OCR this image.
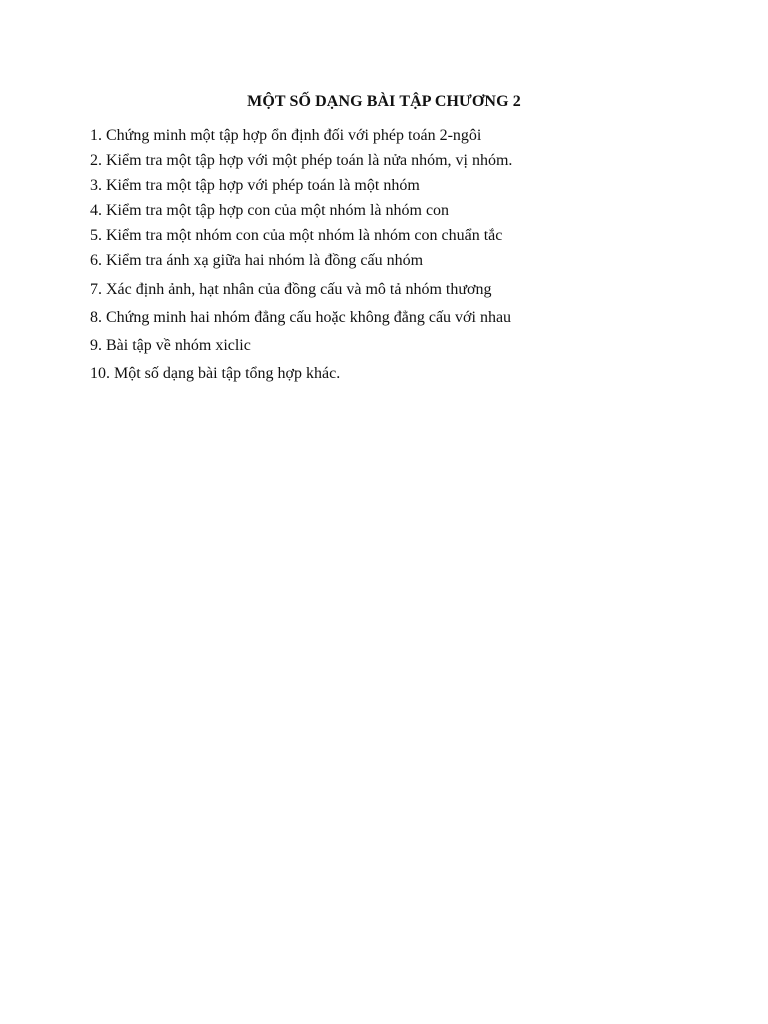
MỘT SỐ DẠNG BÀI TẬP CHƯƠNG 2
1. Chứng minh một tập hợp ổn định đối với phép toán 2-ngôi
2. Kiểm tra một tập hợp với một phép toán là nửa nhóm, vị nhóm.
3. Kiểm tra một tập hợp với phép toán là một nhóm
4. Kiểm tra một tập hợp con của một nhóm là nhóm con
5. Kiểm tra một nhóm con của một nhóm là nhóm con chuẩn tắc
6. Kiểm tra ánh xạ giữa hai nhóm là đồng cấu nhóm
7. Xác định ảnh, hạt nhân của đồng cấu và mô tả nhóm thương
8. Chứng minh hai nhóm đẳng cấu hoặc không đẳng cấu với nhau
9. Bài tập về nhóm xiclic
10. Một số dạng bài tập tổng hợp khác.
